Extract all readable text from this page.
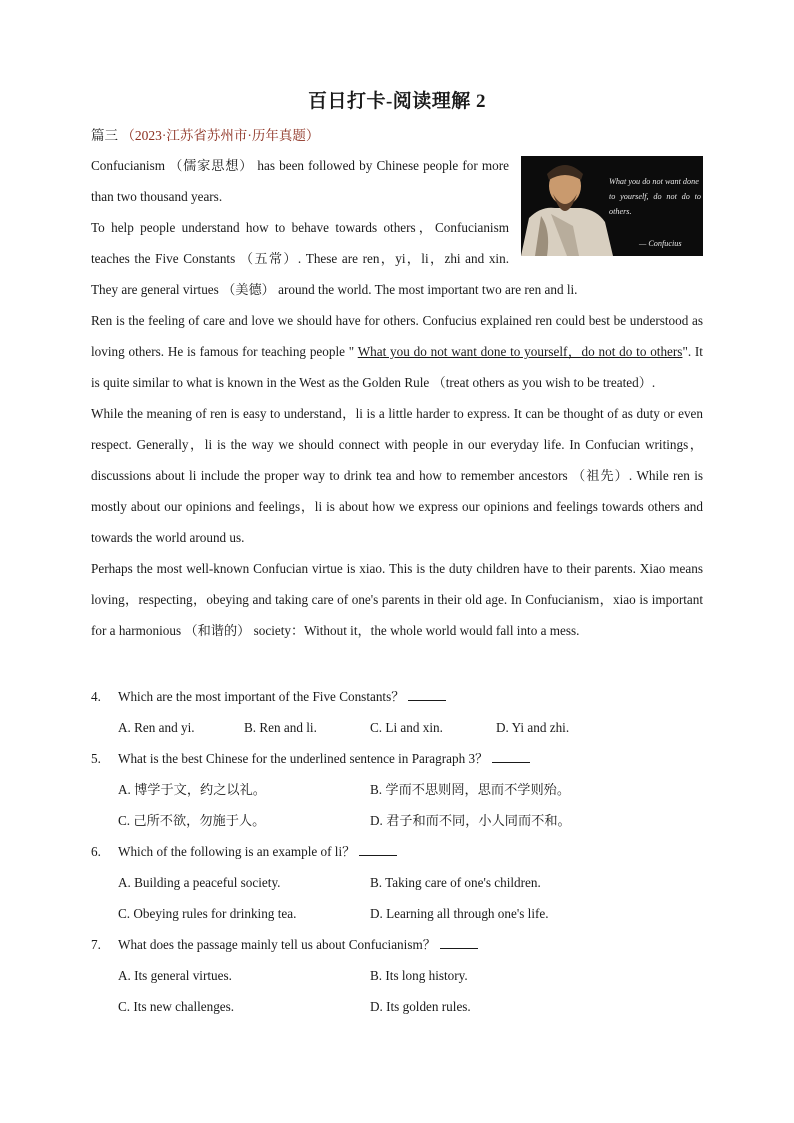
百日打卡-阅读理解 2
篇三 （2023·江苏省苏州市·历年真题）
What you do not want done
to yourself, do not do to others.
— Confucius

Confucianism （儒家思想） has been followed by Chinese people for more than two thousand years.

To help people understand how to behave towards others，Confucianism teaches the Five Constants （五常）. These are ren，yi，li，zhi and xin. They are general virtues （美德） around the world. The most important two are ren and li.

Ren is the feeling of care and love we should have for others. Confucius explained ren could best be understood as loving others. He is famous for teaching people " What you do not want done to yourself，do not do to others". It is quite similar to what is known in the West as the Golden Rule （treat others as you wish to be treated）.

While the meaning of ren is easy to understand，li is a little harder to express. It can be thought of as duty or even respect. Generally，li is the way we should connect with people in our everyday life. In Confucian writings，discussions about li include the proper way to drink tea and how to remember ancestors （祖先）. While ren is mostly about our opinions and feelings，li is about how we express our opinions and feelings towards others and towards the world around us.

Perhaps the most well-known Confucian virtue is xiao. This is the duty children have to their parents. Xiao means loving，respecting，obeying and taking care of one's parents in their old age. In Confucianism，xiao is important for a harmonious （和谐的） society：Without it，the whole world would fall into a mess.

4. Which are the most important of the Five Constants？
A. Ren and yi.	B. Ren and li.	C. Li and xin.	D. Yi and zhi.
5. What is the best Chinese for the underlined sentence in Paragraph 3？
A. 博学于文，约之以礼。	B. 学而不思则罔，思而不学则殆。
C. 己所不欲，勿施于人。	D. 君子和而不同，小人同而不和。
6. Which of the following is an example of li？
A. Building a peaceful society.	B. Taking care of one's children.
C. Obeying rules for drinking tea.	D. Learning all through one's life.
7. What does the passage mainly tell us about Confucianism？
A. Its general virtues.	B. Its long history.
C. Its new challenges.	D. Its golden rules.
